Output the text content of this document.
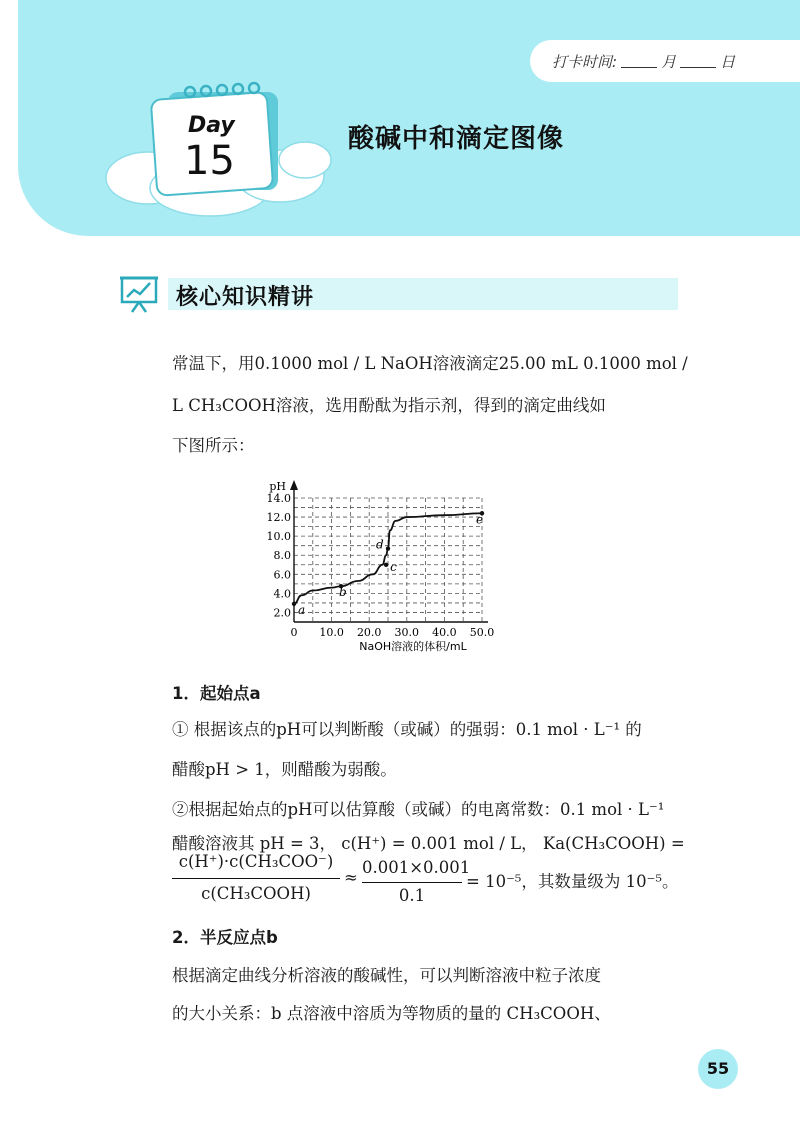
打卡时间:	月	日
Day
15	酸碱中和滴定图像
核心知识精讲
常温下，用0.1000 mol / L NaOH溶液滴定25.00 mL 0.1000 mol /
L CH₃COOH溶液，选用酚酞为指示剂，得到的滴定曲线如
下图所示：
0 10.0 20.0 30.0 40.0 50.0
2.0
4.0
6.0
8.0
10.0
12.0
14.0
pH
NaOH溶液的体积/mL
a
b
c
d
e
1．起始点a
① 根据该点的pH可以判断酸（或碱）的强弱：0.1 mol · L⁻¹ 的
醋酸pH > 1，则醋酸为弱酸。
②根据起始点的pH可以估算酸（或碱）的电离常数：0.1 mol · L⁻¹
醋酸溶液其 pH = 3， c(H⁺) = 0.001 mol / L， Ka(CH₃COOH) =
c(H⁺)·c(CH₃COO⁻)
c(CH₃COOH)
≈
0.001×0.001
0.1
= 10⁻⁵，其数量级为 10⁻⁵。
2．半反应点b
根据滴定曲线分析溶液的酸碱性，可以判断溶液中粒子浓度
的大小关系：b 点溶液中溶质为等物质的量的 CH₃COOH、
55
